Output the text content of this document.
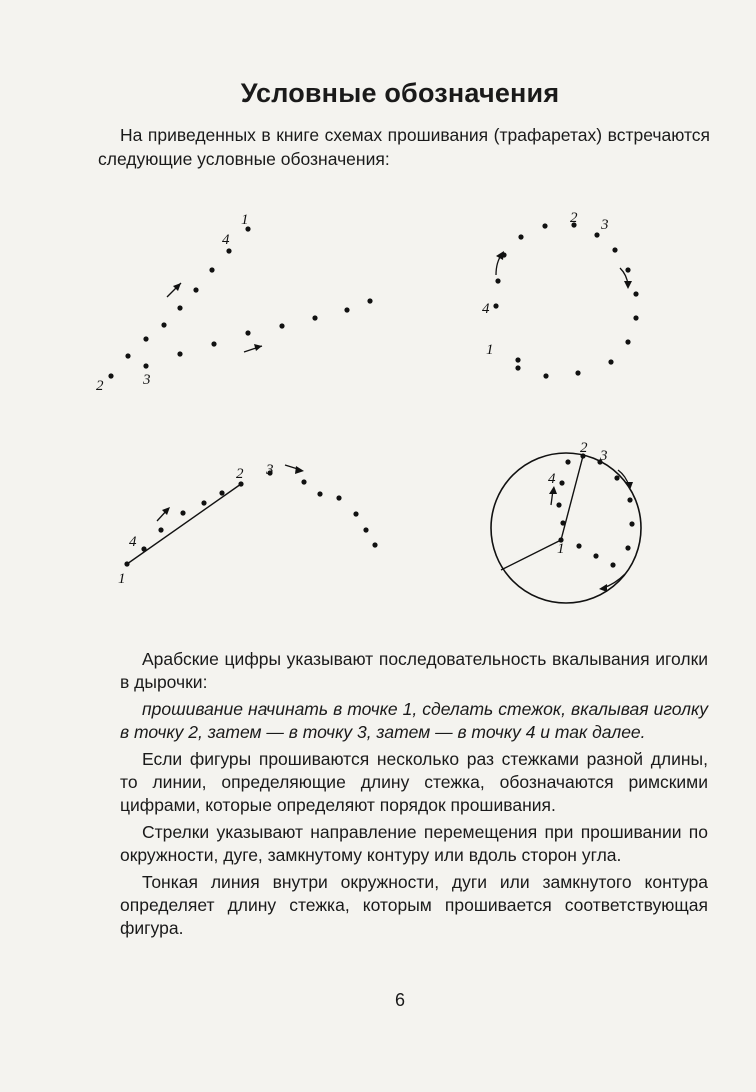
Условные обозначения
На приведенных в книге схемах прошивания (трафаретах) встречаются следующие условные обозначения:
1
4
2	3
2 3
4
1
2 3
4
1
2 3
4
1

Арабские цифры указывают последовательность вкалывания иголки в дырочки:

прошивание начинать в точке 1, сделать стежок, вкалывая иголку в точку 2, затем — в точку 3, затем — в точку 4 и так далее.

Если фигуры прошиваются несколько раз стежками разной длины, то линии, определяющие длину стежка, обозначаются римскими цифрами, которые определяют порядок прошивания.

Стрелки указывают направление перемещения при прошивании по окружности, дуге, замкнутому контуру или вдоль сторон угла.

Тонкая линия внутри окружности, дуги или замкнутого контура определяет длину стежка, которым прошивается соответствующая фигура.

6
